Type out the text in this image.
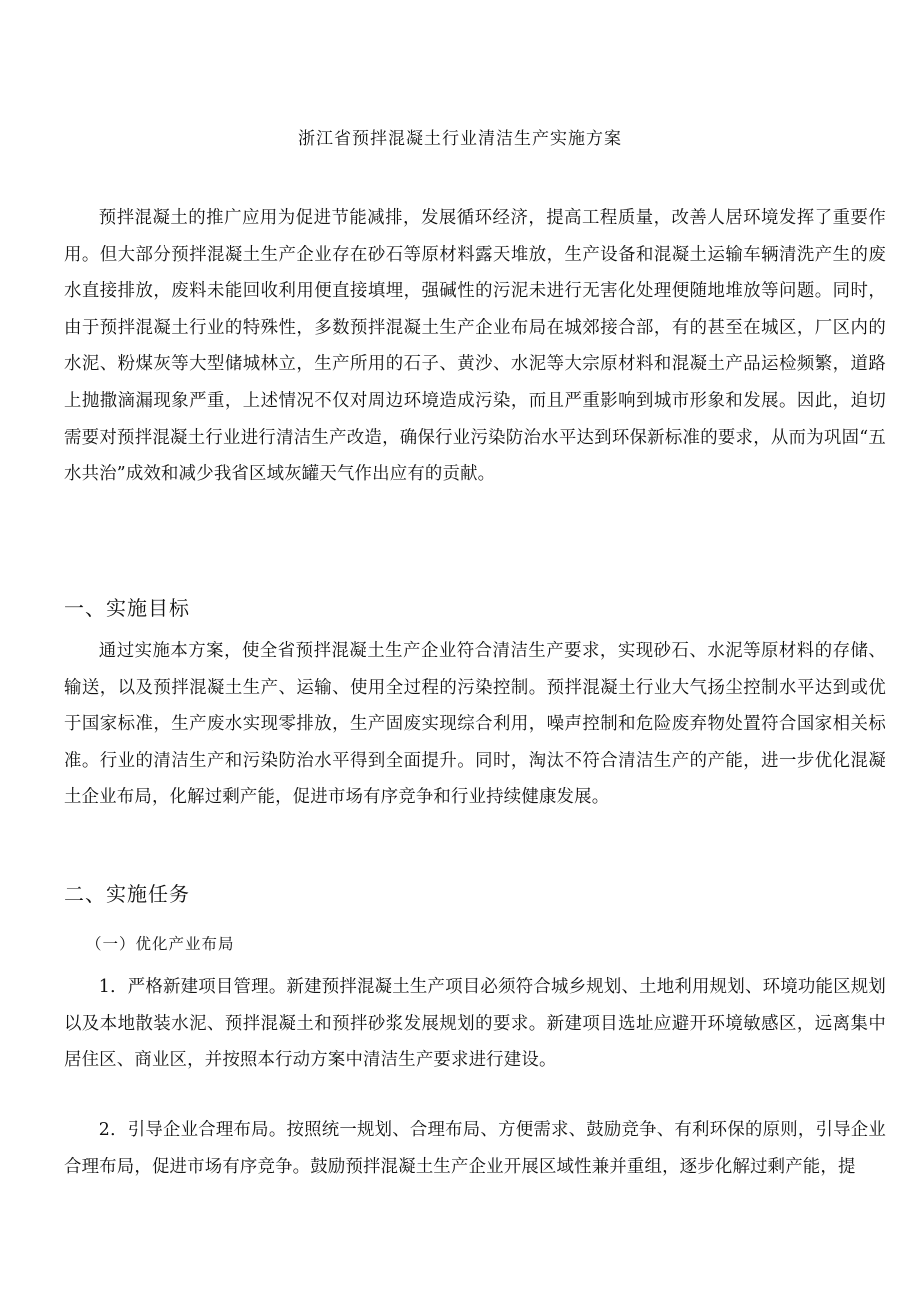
浙江省预拌混凝土行业清洁生产实施方案

预拌混凝土的推广应用为促进节能减排，发展循环经济，提高工程质量，改善人居环境发挥了重要作用。但大部分预拌混凝土生产企业存在砂石等原材料露天堆放，生产设备和混凝土运输车辆清洗产生的废水直接排放，废料未能回收利用便直接填埋，强碱性的污泥未进行无害化处理便随地堆放等问题。同时，由于预拌混凝土行业的特殊性，多数预拌混凝土生产企业布局在城郊接合部，有的甚至在城区，厂区内的水泥、粉煤灰等大型储城林立，生产所用的石子、黄沙、水泥等大宗原材料和混凝土产品运检频繁，道路上抛撒滴漏现象严重，上述情况不仅对周边环境造成污染，而且严重影响到城市形象和发展。因此，迫切需要对预拌混凝土行业进行清洁生产改造，确保行业污染防治水平达到环保新标准的要求，从而为巩固“五水共治”成效和减少我省区域灰罐天气作出应有的贡献。

一、实施目标

通过实施本方案，使全省预拌混凝土生产企业符合清洁生产要求，实现砂石、水泥等原材料的存储、输送，以及预拌混凝土生产、运输、使用全过程的污染控制。预拌混凝土行业大气扬尘控制水平达到或优于国家标准，生产废水实现零排放，生产固废实现综合利用，噪声控制和危险废弃物处置符合国家相关标准。行业的清洁生产和污染防治水平得到全面提升。同时，淘汰不符合清洁生产的产能，进一步优化混凝土企业布局，化解过剩产能，促进市场有序竞争和行业持续健康发展。

二、实施任务
（一）优化产业布局

1．严格新建项目管理。新建预拌混凝土生产项目必须符合城乡规划、土地利用规划、环境功能区规划以及本地散装水泥、预拌混凝土和预拌砂浆发展规划的要求。新建项目选址应避开环境敏感区，远离集中居住区、商业区，并按照本行动方案中清洁生产要求进行建设。

2．引导企业合理布局。按照统一规划、合理布局、方便需求、鼓励竞争、有利环保的原则，引导企业合理布局，促进市场有序竞争。鼓励预拌混凝土生产企业开展区域性兼并重组，逐步化解过剩产能，提
